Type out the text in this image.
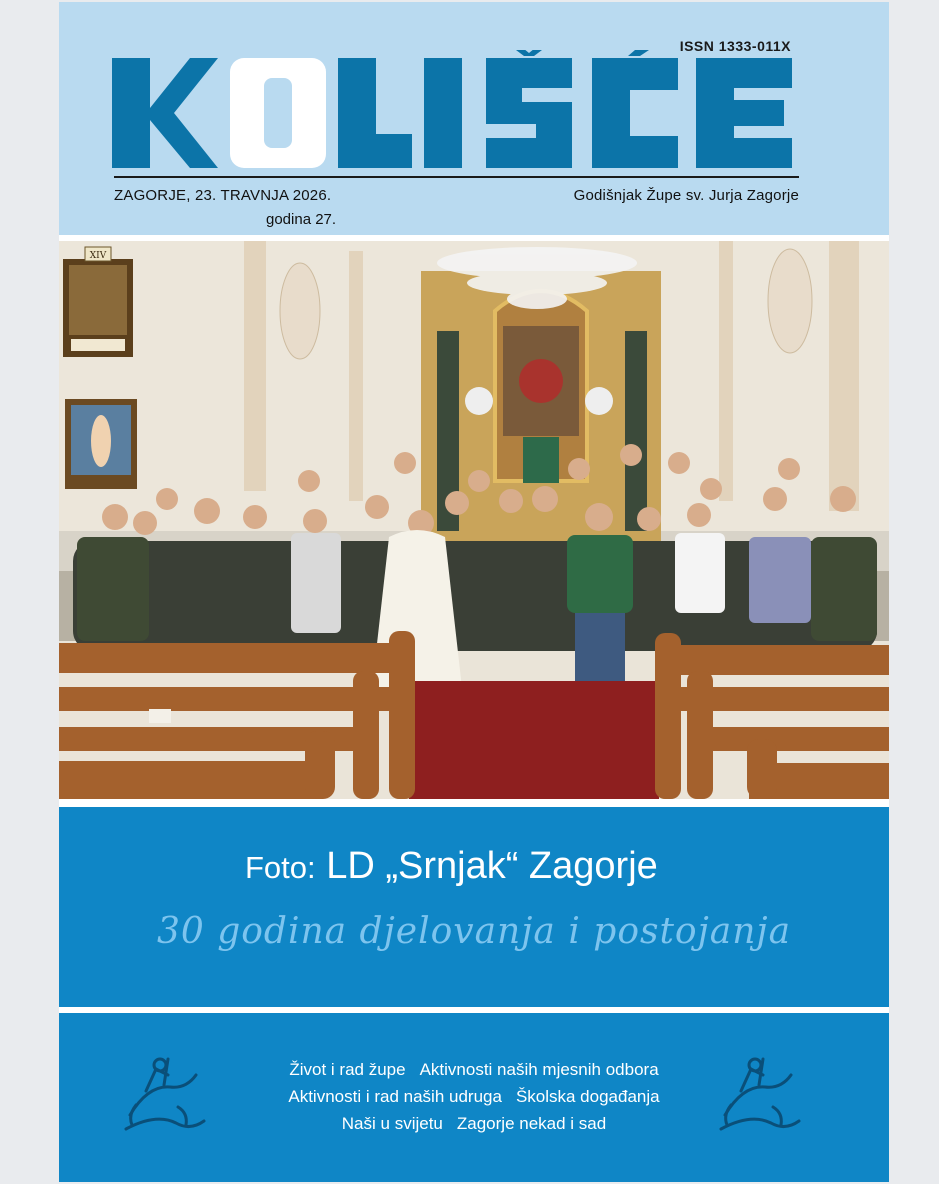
ISSN 1333-011X
ZAGORJE, 23. TRAVNJA 2026.
godina 27.
Godišnjak Župe sv. Jurja Zagorje
XIV
Foto: LD „Srnjak“ Zagorje
30 godina djelovanja i postojanja
Život i rad župe Aktivnosti naših mjesnih odbora
Aktivnosti i rad naših udruga Školska događanja
Naši u svijetu Zagorje nekad i sad
